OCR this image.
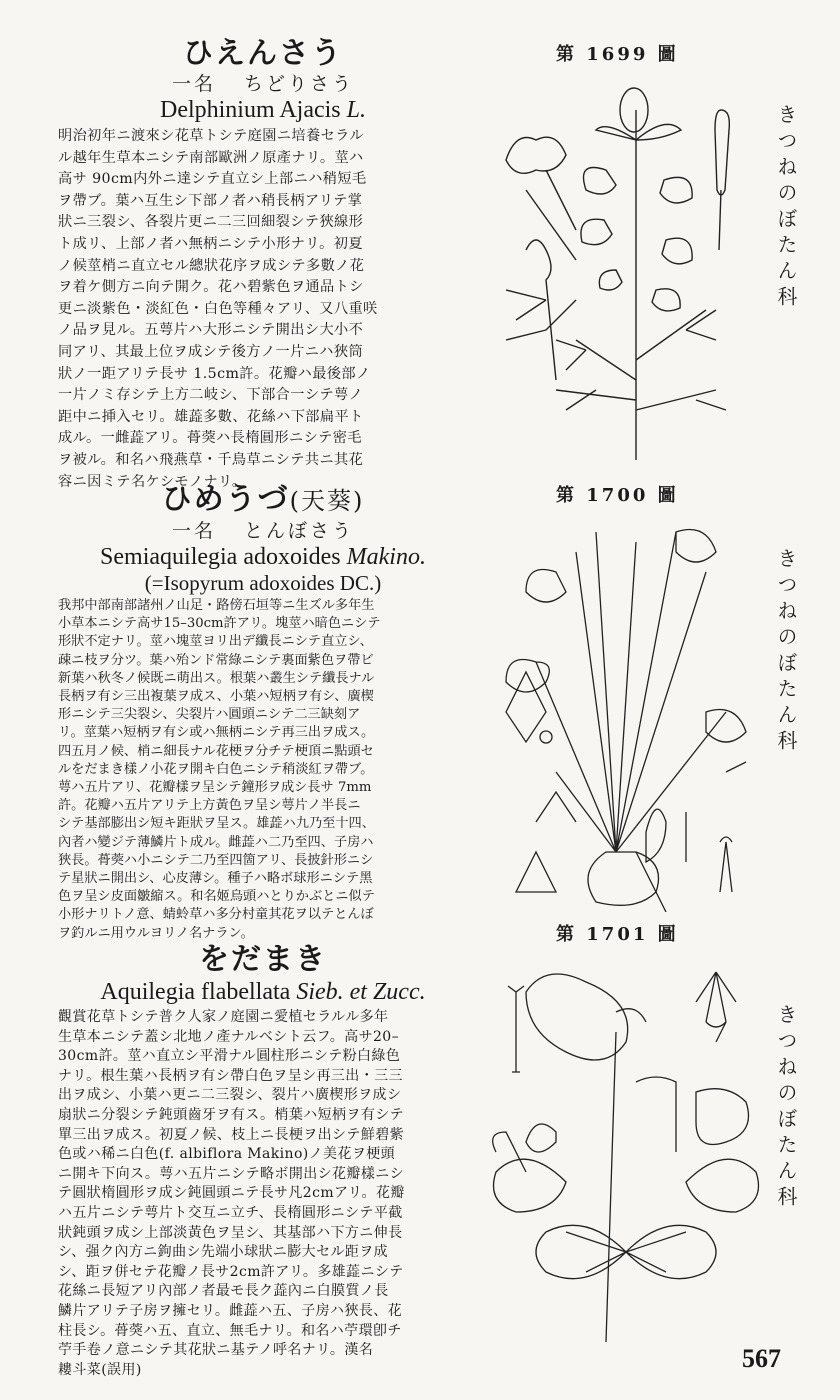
ひえんさう
一名 ちどりさう
Delphinium Ajacis L.
明治初年ニ渡來シ花草トシテ庭園ニ培養セラル
ル越年生草本ニシテ南部歐洲ノ原產ナリ。莖ハ
高サ 90cm内外ニ達シテ直立シ上部ニハ稍短毛
ヲ帶ブ。葉ハ互生シ下部ノ者ハ稍長柄アリテ掌
狀ニ三裂シ、各裂片更ニ二三回細裂シテ狹線形
ト成リ、上部ノ者ハ無柄ニシテ小形ナリ。初夏
ノ候莖梢ニ直立セル總狀花序ヲ成シテ多數ノ花
ヲ着ケ側方ニ向テ開ク。花ハ碧紫色ヲ通品トシ
更ニ淡紫色・淡紅色・白色等種々アリ、又八重咲
ノ品ヲ見ル。五萼片ハ大形ニシテ開出シ大小不
同アリ、其最上位ヲ成シテ後方ノ一片ニハ狹筒
狀ノ一距アリテ長サ 1.5cm許。花瓣ハ最後部ノ
一片ノミ存シテ上方二岐シ、下部合一シテ萼ノ
距中ニ挿入セリ。雄蕋多數、花絲ハ下部扁平ト
成ル。一雌蕋アリ。蓇葖ハ長楕圓形ニシテ密毛
ヲ被ル。和名ハ飛燕草・千鳥草ニシテ共ニ其花
容ニ因ミテ名ケシモノナリ。
第 1699 圖
きつねのぼたん科
ひめうづ(天葵)
一名 とんぼさう
Semiaquilegia adoxoides Makino.
(=Isopyrum adoxoides DC.)
我邦中部南部諸州ノ山足・路傍石垣等ニ生ズル多年生
小草本ニシテ高サ15–30cm許アリ。塊莖ハ暗色ニシテ
形狀不定ナリ。莖ハ塊莖ヨリ出デ纖長ニシテ直立シ、
疎ニ枝ヲ分ツ。葉ハ殆ンド常綠ニシテ裏面紫色ヲ帶ビ
新葉ハ秋冬ノ候既ニ萌出ス。根葉ハ叢生シテ纖長ナル
長柄ヲ有シ三出複葉ヲ成ス、小葉ハ短柄ヲ有シ、廣楔
形ニシテ三尖裂シ、尖裂片ハ圓頭ニシテ二三缺刻ア
リ。莖葉ハ短柄ヲ有シ或ハ無柄ニシテ再三出ヲ成ス。
四五月ノ候、梢ニ細長ナル花梗ヲ分チテ梗頂ニ點頭セ
ルをだまき樣ノ小花ヲ開キ白色ニシテ稍淡紅ヲ帶ブ。
萼ハ五片アリ、花瓣樣ヲ呈シテ鐘形ヲ成シ長サ 7mm
許。花瓣ハ五片アリテ上方黃色ヲ呈シ萼片ノ半長ニ
シテ基部膨出シ短キ距狀ヲ呈ス。雄蕋ハ九乃至十四、
內者ハ變ジテ薄鱗片ト成ル。雌蕋ハ二乃至四、子房ハ
狹長。蓇葖ハ小ニシテ二乃至四箇アリ、長披針形ニシ
テ星狀ニ開出シ、心皮薄シ。種子ハ略ボ球形ニシテ黑
色ヲ呈シ皮面皺縮ス。和名姬烏頭ハとりかぶとニ似テ
小形ナリトノ意、蜻蛉草ハ多分村童其花ヲ以テとんぼ
ヲ釣ルニ用ウルヨリノ名ナラン。
第 1700 圖
きつねのぼたん科
をだまき
Aquilegia flabellata Sieb. et Zucc.
觀賞花草トシテ普ク人家ノ庭園ニ愛植セラルル多年
生草本ニシテ蓋シ北地ノ產ナルベシト云フ。高サ20–
30cm許。莖ハ直立シ平滑ナル圓柱形ニシテ粉白綠色
ナリ。根生葉ハ長柄ヲ有シ帶白色ヲ呈シ再三出・三三
出ヲ成シ、小葉ハ更ニ二三裂シ、裂片ハ廣楔形ヲ成シ
扇狀ニ分裂シテ鈍頭齒牙ヲ有ス。梢葉ハ短柄ヲ有シテ
單三出ヲ成ス。初夏ノ候、枝上ニ長梗ヲ出シテ鮮碧紫
色或ハ稀ニ白色(f. albiflora Makino)ノ美花ヲ梗頭
ニ開キ下向ス。萼ハ五片ニシテ略ボ開出シ花瓣樣ニシ
テ圓狀楕圓形ヲ成シ鈍圓頭ニテ長サ凡2cmアリ。花瓣
ハ五片ニシテ萼片ト交互ニ立チ、長楕圓形ニシテ平截
狀鈍頭ヲ成シ上部淡黃色ヲ呈シ、其基部ハ下方ニ伸長
シ、强ク內方ニ鉤曲シ先端小球狀ニ膨大セル距ヲ成
シ、距ヲ併セテ花瓣ノ長サ2cm許アリ。多雄蕋ニシテ
花絲ニ長短アリ內部ノ者最モ長ク蕋內ニ白膜質ノ長
鱗片アリテ子房ヲ擁セリ。雌蕋ハ五、子房ハ狹長、花
柱長シ。蓇葖ハ五、直立、無毛ナリ。和名ハ苧環卽チ
苧手卷ノ意ニシテ其花狀ニ基テノ呼名ナリ。漢名
耬斗菜(誤用)
第 1701 圖
きつねのぼたん科
567
